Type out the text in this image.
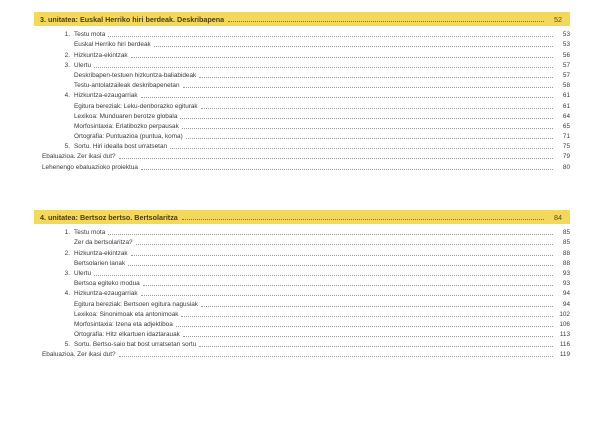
3. unitatea: Euskal Herriko hiri berdeak. Deskribapena	52
1. Testu mota	53
Euskal Herriko hiri berdeak	53
2. Hizkuntza-ekintzak	56
3. Ulertu	57
Deskribapen-testuen hizkuntza-baliabideak	57
Testu-antolatzaileak deskribapenetan	58
4. Hizkuntza-ezaugarriak	61
Egitura bereziak: Leku-denborazko egiturak	61
Lexikoa: Munduaren berotze globala	64
Morfosintaxia: Erlatibozko perpausak	65
Ortografia: Puntuazioa (puntua, koma)	71
5. Sortu. Hiri idealla bost urratsetan	75
Ebaluazioa. Zer ikasi dut?	79
Lehenengo ebaluazioko proiektua	80
4. unitatea: Bertsoz bertso. Bertsolaritza	84
1. Testu mota	85
Zer da bertsolaritza?	85
2. Hizkuntza-ekintzak	88
Bertsolarien lanak	88
3. Ulertu	93
Bertsoa egiteko modua	93
4. Hizkuntza-ezaugarriak	94
Egitura bereziak: Bertsoen egitura nagusiak	94
Lexikoa: Sinonimoak eta antonimoak	102
Morfosintaxia: Izena eta adjektiboa	106
Ortografia: Hitz elkartuen idaztarauak	113
5. Sortu. Bertso-saio bat bost urratsetan sortu	116
Ebaluazioa. Zer ikasi dut?	119
